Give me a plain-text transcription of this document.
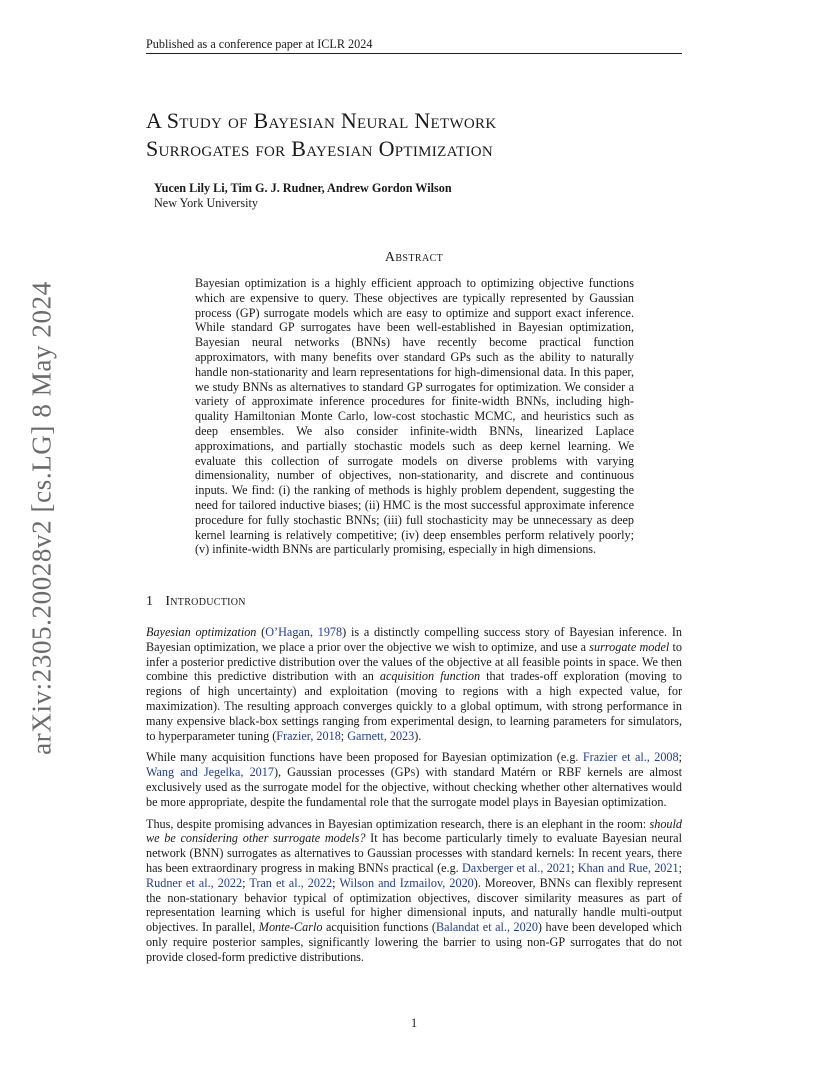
Published as a conference paper at ICLR 2024
arXiv:2305.20028v2 [cs.LG] 8 May 2024
A Study of Bayesian Neural Network
Surrogates for Bayesian Optimization
Yucen Lily Li, Tim G. J. Rudner, Andrew Gordon Wilson
New York University
Abstract
Bayesian optimization is a highly efficient approach to optimizing objective functions which are expensive to query. These objectives are typically represented by Gaussian process (GP) surrogate models which are easy to optimize and support exact inference. While standard GP surrogates have been well-established in Bayesian optimization, Bayesian neural networks (BNNs) have recently become practical function approximators, with many benefits over standard GPs such as the ability to naturally handle non-stationarity and learn representations for high-dimensional data. In this paper, we study BNNs as alternatives to standard GP surrogates for optimization. We consider a variety of approximate inference procedures for finite-width BNNs, including high-quality Hamiltonian Monte Carlo, low-cost stochastic MCMC, and heuristics such as deep ensembles. We also consider infinite-width BNNs, linearized Laplace approximations, and partially stochastic models such as deep kernel learning. We evaluate this collection of surrogate models on diverse problems with varying dimensionality, number of objectives, non-stationarity, and discrete and continuous inputs. We find: (i) the ranking of methods is highly problem dependent, suggesting the need for tailored inductive biases; (ii) HMC is the most successful approximate inference procedure for fully stochastic BNNs; (iii) full stochasticity may be unnecessary as deep kernel learning is relatively competitive; (iv) deep ensembles perform relatively poorly; (v) infinite-width BNNs are particularly promising, especially in high dimensions.
1 Introduction

Bayesian optimization (O’Hagan, 1978) is a distinctly compelling success story of Bayesian inference. In Bayesian optimization, we place a prior over the objective we wish to optimize, and use a surrogate model to infer a posterior predictive distribution over the values of the objective at all feasible points in space. We then combine this predictive distribution with an acquisition function that trades-off exploration (moving to regions of high uncertainty) and exploitation (moving to regions with a high expected value, for maximization). The resulting approach converges quickly to a global optimum, with strong performance in many expensive black-box settings ranging from experimental design, to learning parameters for simulators, to hyperparameter tuning (Frazier, 2018; Garnett, 2023).

While many acquisition functions have been proposed for Bayesian optimization (e.g. Frazier et al., 2008; Wang and Jegelka, 2017), Gaussian processes (GPs) with standard Matérn or RBF kernels are almost exclusively used as the surrogate model for the objective, without checking whether other alternatives would be more appropriate, despite the fundamental role that the surrogate model plays in Bayesian optimization.

Thus, despite promising advances in Bayesian optimization research, there is an elephant in the room: should we be considering other surrogate models? It has become particularly timely to evaluate Bayesian neural network (BNN) surrogates as alternatives to Gaussian processes with standard kernels: In recent years, there has been extraordinary progress in making BNNs practical (e.g. Daxberger et al., 2021; Khan and Rue, 2021; Rudner et al., 2022; Tran et al., 2022; Wilson and Izmailov, 2020). Moreover, BNNs can flexibly represent the non-stationary behavior typical of optimization objectives, discover similarity measures as part of representation learning which is useful for higher dimensional inputs, and naturally handle multi-output objectives. In parallel, Monte-Carlo acquisition functions (Balandat et al., 2020) have been developed which only require posterior samples, significantly lowering the barrier to using non-GP surrogates that do not provide closed-form predictive distributions.

1
